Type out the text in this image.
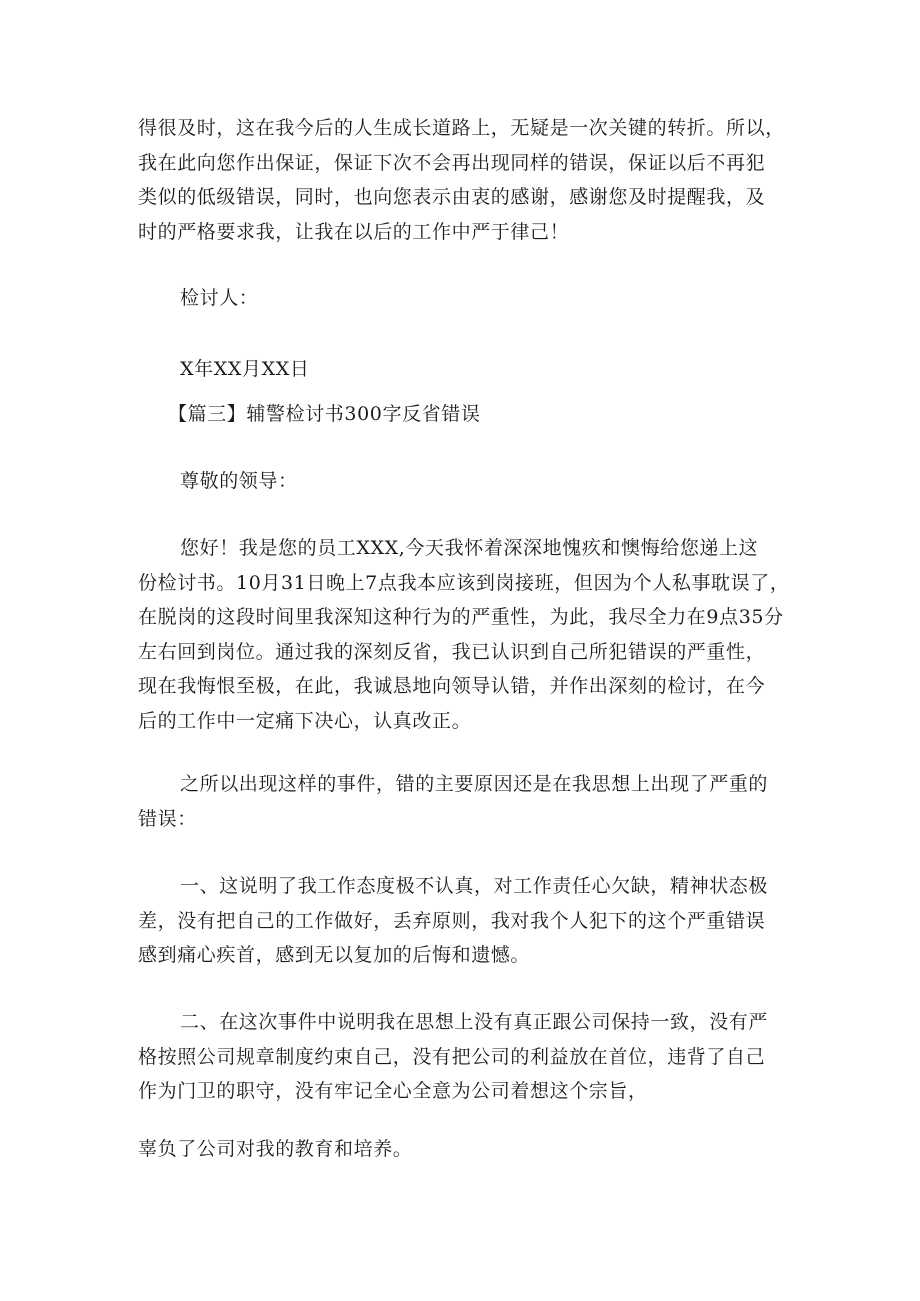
得很及时，这在我今后的人生成长道路上，无疑是一次关键的转折。所以，
我在此向您作出保证，保证下次不会再出现同样的错误，保证以后不再犯
类似的低级错误，同时，也向您表示由衷的感谢，感谢您及时提醒我，及
时的严格要求我，让我在以后的工作中严于律己！
检讨人：
X年XX月XX日
【篇三】辅警检讨书300字反省错误
尊敬的领导：
您好！我是您的员工XXX,今天我怀着深深地愧疚和懊悔给您递上这
份检讨书。10月31日晚上7点我本应该到岗接班，但因为个人私事耽误了，
在脱岗的这段时间里我深知这种行为的严重性，为此，我尽全力在9点35分
左右回到岗位。通过我的深刻反省，我已认识到自己所犯错误的严重性，
现在我悔恨至极，在此，我诚恳地向领导认错，并作出深刻的检讨，在今
后的工作中一定痛下决心，认真改正。
之所以出现这样的事件，错的主要原因还是在我思想上出现了严重的
错误：
一、这说明了我工作态度极不认真，对工作责任心欠缺，精神状态极
差，没有把自己的工作做好，丢弃原则，我对我个人犯下的这个严重错误
感到痛心疾首，感到无以复加的后悔和遗憾。
二、在这次事件中说明我在思想上没有真正跟公司保持一致，没有严
格按照公司规章制度约束自己，没有把公司的利益放在首位，违背了自己
作为门卫的职守，没有牢记全心全意为公司着想这个宗旨，
辜负了公司对我的教育和培养。
